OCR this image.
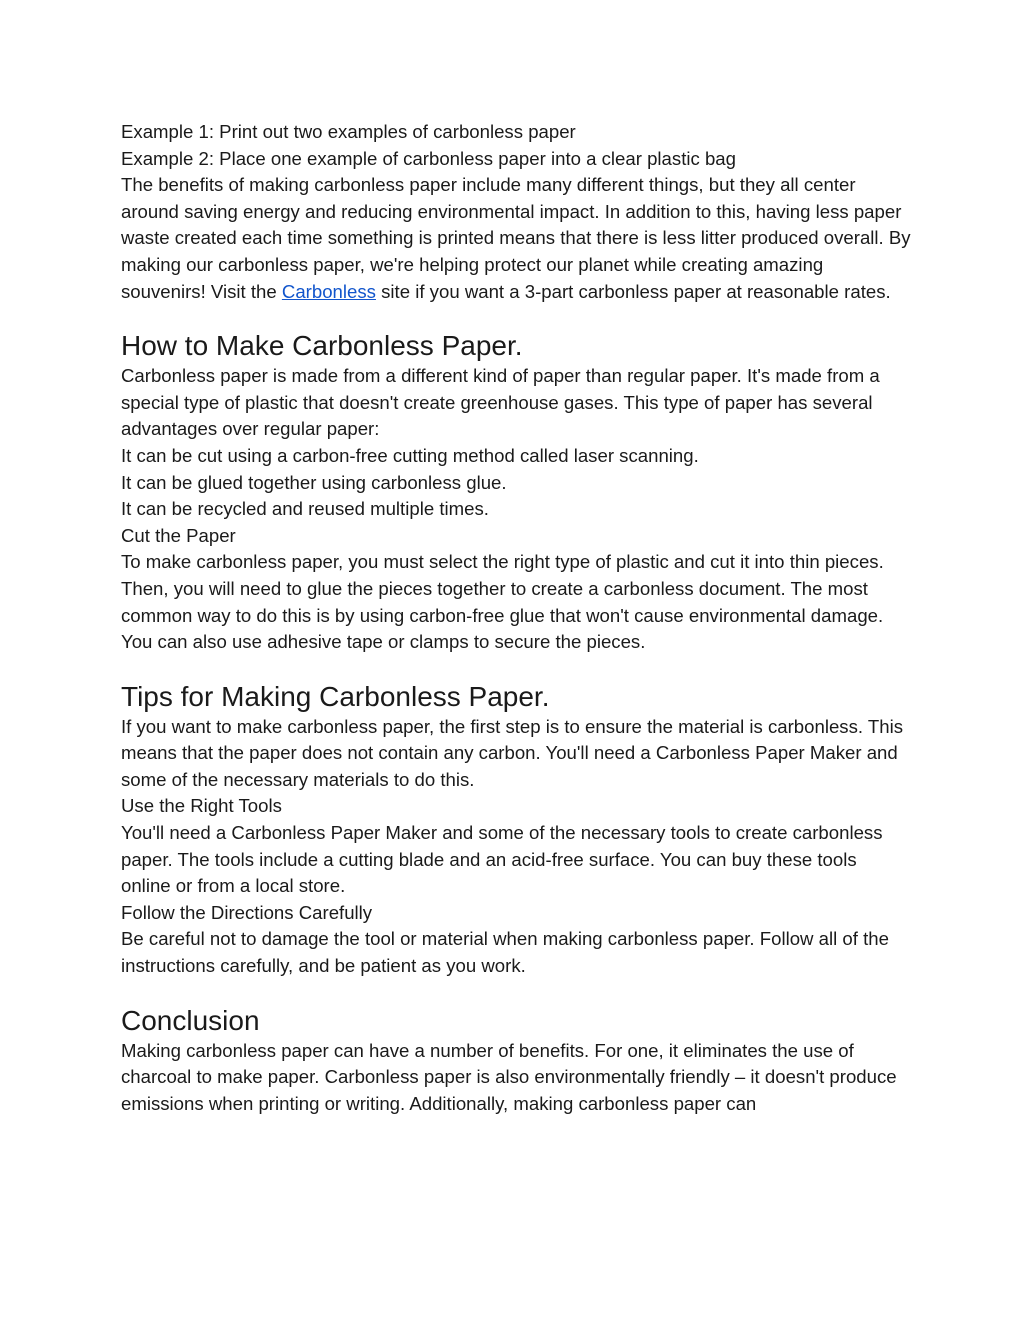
Example 1: Print out two examples of carbonless paper

Example 2: Place one example of carbonless paper into a clear plastic bag

The benefits of making carbonless paper include many different things, but they all center around saving energy and reducing environmental impact. In addition to this, having less paper waste created each time something is printed means that there is less litter produced overall. By making our carbonless paper, we're helping protect our planet while creating amazing souvenirs! Visit the Carbonless site if you want a 3-part carbonless paper at reasonable rates.

How to Make Carbonless Paper.

Carbonless paper is made from a different kind of paper than regular paper. It's made from a special type of plastic that doesn't create greenhouse gases. This type of paper has several advantages over regular paper:

It can be cut using a carbon-free cutting method called laser scanning.

It can be glued together using carbonless glue.

It can be recycled and reused multiple times.

Cut the Paper

To make carbonless paper, you must select the right type of plastic and cut it into thin pieces. Then, you will need to glue the pieces together to create a carbonless document. The most common way to do this is by using carbon-free glue that won't cause environmental damage. You can also use adhesive tape or clamps to secure the pieces.

Tips for Making Carbonless Paper.

If you want to make carbonless paper, the first step is to ensure the material is carbonless. This means that the paper does not contain any carbon. You'll need a Carbonless Paper Maker and some of the necessary materials to do this.

Use the Right Tools

You'll need a Carbonless Paper Maker and some of the necessary tools to create carbonless paper. The tools include a cutting blade and an acid-free surface. You can buy these tools online or from a local store.

Follow the Directions Carefully

Be careful not to damage the tool or material when making carbonless paper. Follow all of the instructions carefully, and be patient as you work.

Conclusion

Making carbonless paper can have a number of benefits. For one, it eliminates the use of charcoal to make paper. Carbonless paper is also environmentally friendly – it doesn't produce emissions when printing or writing. Additionally, making carbonless paper can
